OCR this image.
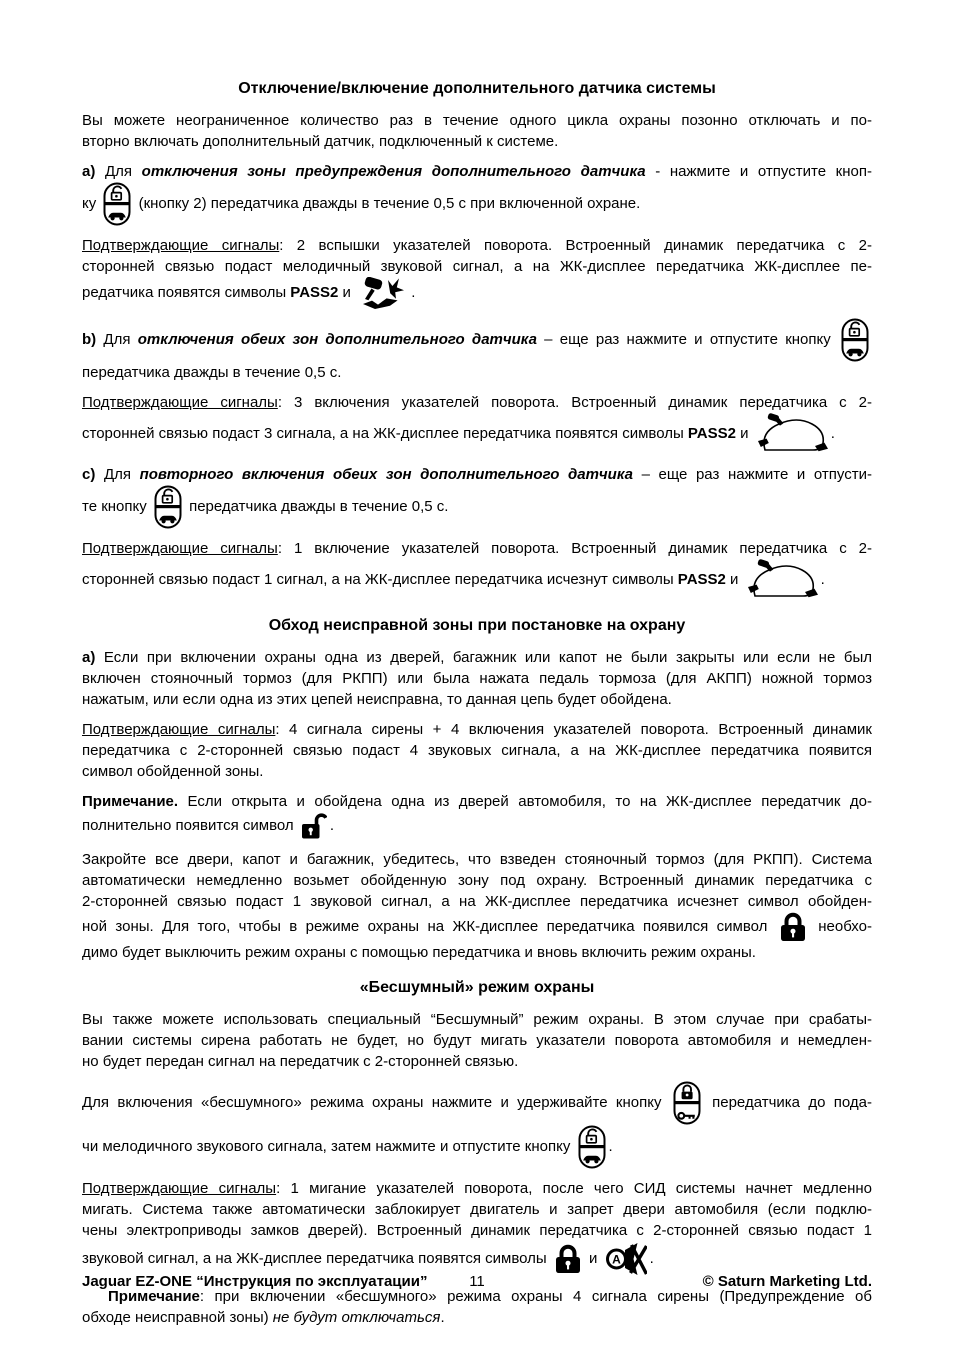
Отключение/включение дополнительного датчика системы
Вы можете неограниченное количество раз в течение одного цикла охраны позонно отключать и по-
вторно включать дополнительный датчик, подключенный к системе.
a) Для отключения зоны предупреждения дополнительного датчика - нажмите и отпустите кноп-
ку
(кнопку 2) передатчика дважды в течение 0,5 с при включенной охране.
Подтверждающие сигналы: 2 вспышки указателей поворота. Встроенный динамик передатчика с 2-
сторонней связью подаст мелодичный звуковой сигнал, а на ЖК-дисплее передатчика ЖК-дисплее пе-
редатчика появятся символы PASS2 и	.
b) Для отключения обеих зон дополнительного датчика – еще раз нажмите и отпустите кнопку
передатчика дважды в течение 0,5 с.
Подтверждающие сигналы: 3 включения указателей поворота. Встроенный динамик передатчика с 2-
сторонней связью подаст 3 сигнала, а на ЖК-дисплее передатчика появятся символы PASS2 и	.
c) Для повторного включения обеих зон дополнительного датчика – еще раз нажмите и отпусти-
те кнопку
передатчика дважды в течение 0,5 с.
Подтверждающие сигналы: 1 включение указателей поворота. Встроенный динамик передатчика с 2-
сторонней связью подаст 1 сигнал, а на ЖК-дисплее передатчика исчезнут символы PASS2 и	.
Обход неисправной зоны при постановке на охрану
a) Если при включении охраны одна из дверей, багажник или капот не были закрыты или если не был
включен стояночный тормоз (для РКПП) или была нажата педаль тормоза (для АКПП) ножной тормоз
нажатым, или если одна из этих цепей неисправна, то данная цепь будет обойдена.
Подтверждающие сигналы: 4 сигнала сирены + 4 включения указателей поворота. Встроенный динамик
передатчика с 2-сторонней связью подаст 4 звуковых сигнала, а на ЖК-дисплее передатчика появится
символ обойденной зоны.
Примечание. Если открыта и обойдена одна из дверей автомобиля, то на ЖК-дисплее передатчик до-
полнительно появится символ
.
Закройте все двери, капот и багажник, убедитесь, что взведен стояночный тормоз (для РКПП). Система
автоматически немедленно возьмет обойденную зону под охрану. Встроенный динамик передатчика с
2-сторонней связью подаст 1 звуковой сигнал, а на ЖК-дисплее передатчика исчезнет символ обойден-
ной зоны. Для того, чтобы в режиме охраны на ЖК-дисплее передатчика появился символ
необхо-
димо будет выключить режим охраны с помощью передатчика и вновь включить режим охраны.
«Бесшумный» режим охраны
Вы также можете использовать специальный “Бесшумный” режим охраны. В этом случае при срабаты-
вании системы сирена работать не будет, но будут мигать указатели поворота автомобиля и немедлен-
но будет передан сигнал на передатчик с 2-сторонней связью.
Для включения «бесшумного» режима охраны нажмите и удерживайте кнопку
передатчика до пода-
чи мелодичного звукового сигнала, затем нажмите и отпустите кнопку
.
Подтверждающие сигналы: 1 мигание указателей поворота, после чего СИД системы начнет медленно
мигать. Система также автоматически заблокирует двигатель и запрет двери автомобиля (если подклю-
чены электроприводы замков дверей). Встроенный динамик передатчика с 2-сторонней связью подаст 1
звуковой сигнал, а на ЖК-дисплее передатчика появятся символы
и A .
Примечание: при включении «бесшумного» режима охраны 4 сигнала сирены (Предупреждение об
обходе неисправной зоны) не будут отключаться.
Jaguar EZ-ONE “Инструкция по эксплуатации”	11	© Saturn Marketing Ltd.
